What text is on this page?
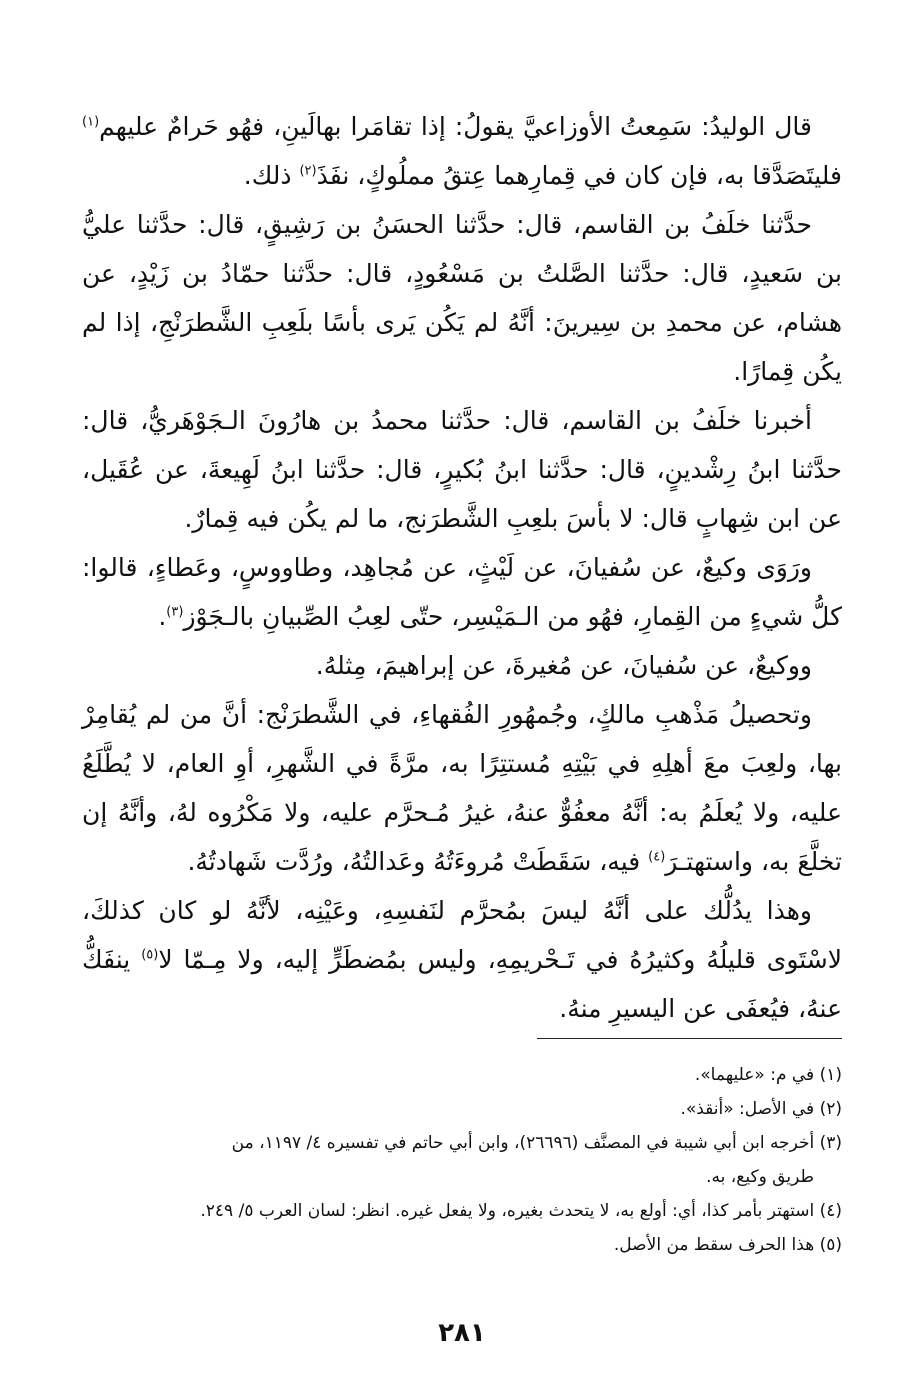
قال الوليدُ: سَمِعتُ الأوزاعيَّ يقولُ: إذا تقامَرا بهالَينِ، فهُو حَرامٌ عليهم$^{(١)}$ فليتَصَدَّقا به، فإن كان في قِمارِهما عِتقُ مملُوكٍ، نفَذَ$^{(٢)}$ ذلك.

حدَّثنا خلَفُ بن القاسم، قال: حدَّثنا الحسَنُ بن رَشِيقٍ، قال: حدَّثنا عليُّ بن سَعيدٍ، قال: حدَّثنا الصَّلتُ بن مَسْعُودٍ، قال: حدَّثنا حمّادُ بن زَيْدٍ، عن هشام، عن محمدِ بن سِيرينَ: أنَّهُ لم يَكُن يَرى بأسًا بلَعِبِ الشَّطرَنْجِ، إذا لم يكُن قِمارًا.

أخبرنا خلَفُ بن القاسم، قال: حدَّثنا محمدُ بن هارُونَ الـجَوْهَريُّ، قال: حدَّثنا ابنُ رِشْدينٍ، قال: حدَّثنا ابنُ بُكيرٍ، قال: حدَّثنا ابنُ لَهِيعةَ، عن عُقَيل، عن ابن شِهابٍ قال: لا بأسَ بلعِبِ الشَّطرَنج، ما لم يكُن فيه قِمارٌ.

ورَوَى وكيعٌ، عن سُفيانَ، عن لَيْثٍ، عن مُجاهِد، وطاووسٍ، وعَطاءٍ، قالوا: كلُّ شيءٍ من القِمارِ، فهُو من الـمَيْسِر، حتّى لعِبُ الصِّبيانِ بالـجَوْز$^{(٣)}$.

ووكيعٌ، عن سُفيانَ، عن مُغيرةَ، عن إبراهيمَ، مِثلهُ.

وتحصيلُ مَذْهبِ مالكٍ، وجُمهُورِ الفُقهاءِ، في الشَّطرَنْج: أنَّ من لم يُقامِرْ بها، ولعِبَ معَ أهلِهِ في بَيْتِهِ مُستتِرًا به، مرَّةً في الشَّهرِ، أوِ العام، لا يُطَّلَعُ عليه، ولا يُعلَمُ به: أنَّهُ معفُوٌّ عنهُ، غيرُ مُـحرَّم عليه، ولا مَكْرُوه لهُ، وأنَّهُ إن تخلَّعَ به، واستهتـرَ$^{(٤)}$ فيه، سَقَطَتْ مُروءَتُهُ وعَدالتُهُ، ورُدَّت شَهادتُهُ.

وهذا يدُلُّك على أنَّهُ ليسَ بمُحرَّم لنَفسِهِ، وعَيْنِه، لأنَّهُ لو كان كذلكَ، لاسْتَوى قليلُهُ وكثيرُهُ في تَـحْريمِهِ، وليس بمُضطَرٍّ إليه، ولا مِـمّا لا$^{(٥)}$ ينفَكُّ عنهُ، فيُعفَى عن اليسيرِ منهُ.

(١) في م: «عليهما».

(٢) في الأصل: «أنقذ».

(٣) أخرجه ابن أبي شيبة في المصنَّف (٢٦٦٩٦)، وابن أبي حاتم في تفسيره ٤/ ١١٩٧، من

طريق وكيع، به.

(٤) استهتر بأمر كذا، أي: أولع به، لا يتحدث بغيره، ولا يفعل غيره. انظر: لسان العرب ٥/ ٢٤٩.

(٥) هذا الحرف سقط من الأصل.

٢٨١
